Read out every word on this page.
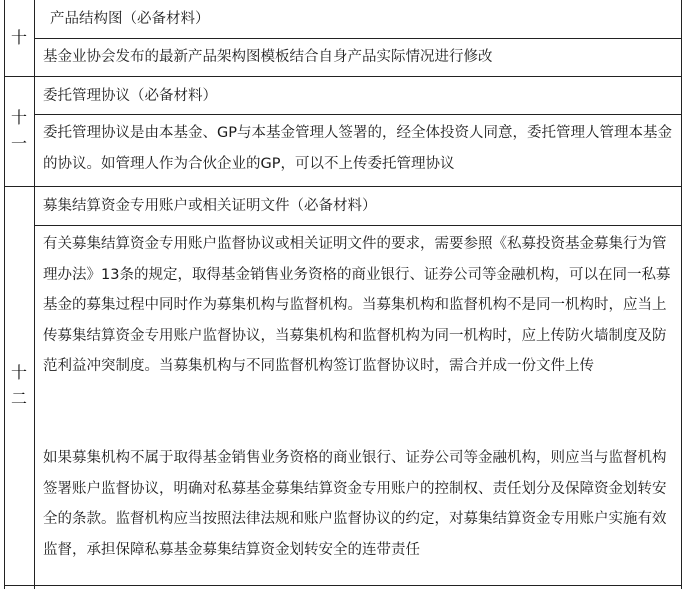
十
产品结构图（必备材料）
基金业协会发布的最新产品架构图模板结合自身产品实际情况进行修改
十
一
委托管理协议（必备材料）
委托管理协议是由本基金、GP与本基金管理人签署的，经全体投资人同意，委托管理人管理本基金的协议。如管理人作为合伙企业的GP，可以不上传委托管理协议
十
二
募集结算资金专用账户或相关证明文件（必备材料）
有关募集结算资金专用账户监督协议或相关证明文件的要求，需要参照《私募投资基金募集行为管理办法》13条的规定，取得基金销售业务资格的商业银行、证券公司等金融机构，可以在同一私募基金的募集过程中同时作为募集机构与监督机构。当募集机构和监督机构不是同一机构时，应当上传募集结算资金专用账户监督协议，当募集机构和监督机构为同一机构时，应上传防火墙制度及防范利益冲突制度。当募集机构与不同监督机构签订监督协议时，需合并成一份文件上传
如果募集机构不属于取得基金销售业务资格的商业银行、证券公司等金融机构，则应当与监督机构签署账户监督协议，明确对私募基金募集结算资金专用账户的控制权、责任划分及保障资金划转安全的条款。监督机构应当按照法律法规和账户监督协议的约定，对募集结算资金专用账户实施有效监督，承担保障私募基金募集结算资金划转安全的连带责任
